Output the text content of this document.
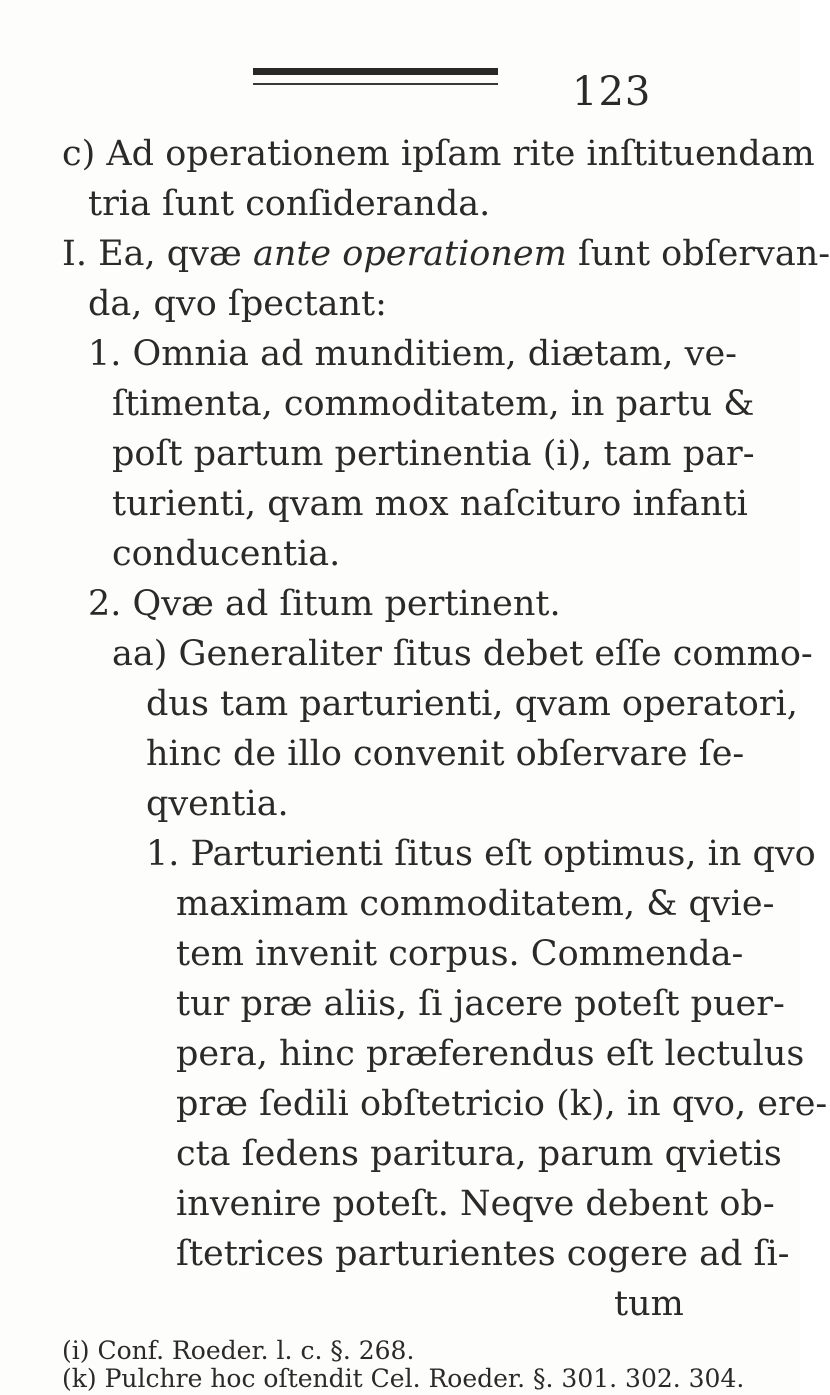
123
c) Ad operationem ipſam rite inſtituendam
tria ſunt conſideranda.
I. Ea, qvæ ante operationem ſunt obſervan-
da, qvo ſpectant:
1. Omnia ad munditiem, diætam, ve-
ſtimenta, commoditatem, in partu &
poſt partum pertinentia (i), tam par-
turienti, qvam mox naſcituro infanti
conducentia.
2. Qvæ ad ſitum pertinent.
aa) Generaliter ſitus debet eſſe commo-
dus tam parturienti, qvam operatori,
hinc de illo convenit obſervare ſe-
qventia.
1. Parturienti ſitus eſt optimus, in qvo
maximam commoditatem, & qvie-
tem invenit corpus. Commenda-
tur præ aliis, ſi jacere poteſt puer-
pera, hinc præferendus eſt lectulus
præ ſedili obſtetricio (k), in qvo, ere-
cta ſedens paritura, parum qvietis
invenire poteſt. Neqve debent ob-
ſtetrices parturientes cogere ad ſi-
tum
(i) Conf. Roeder. l. c. §. 268.
(k) Pulchre hoc oſtendit Cel. Roeder. §. 301. 302. 304.
